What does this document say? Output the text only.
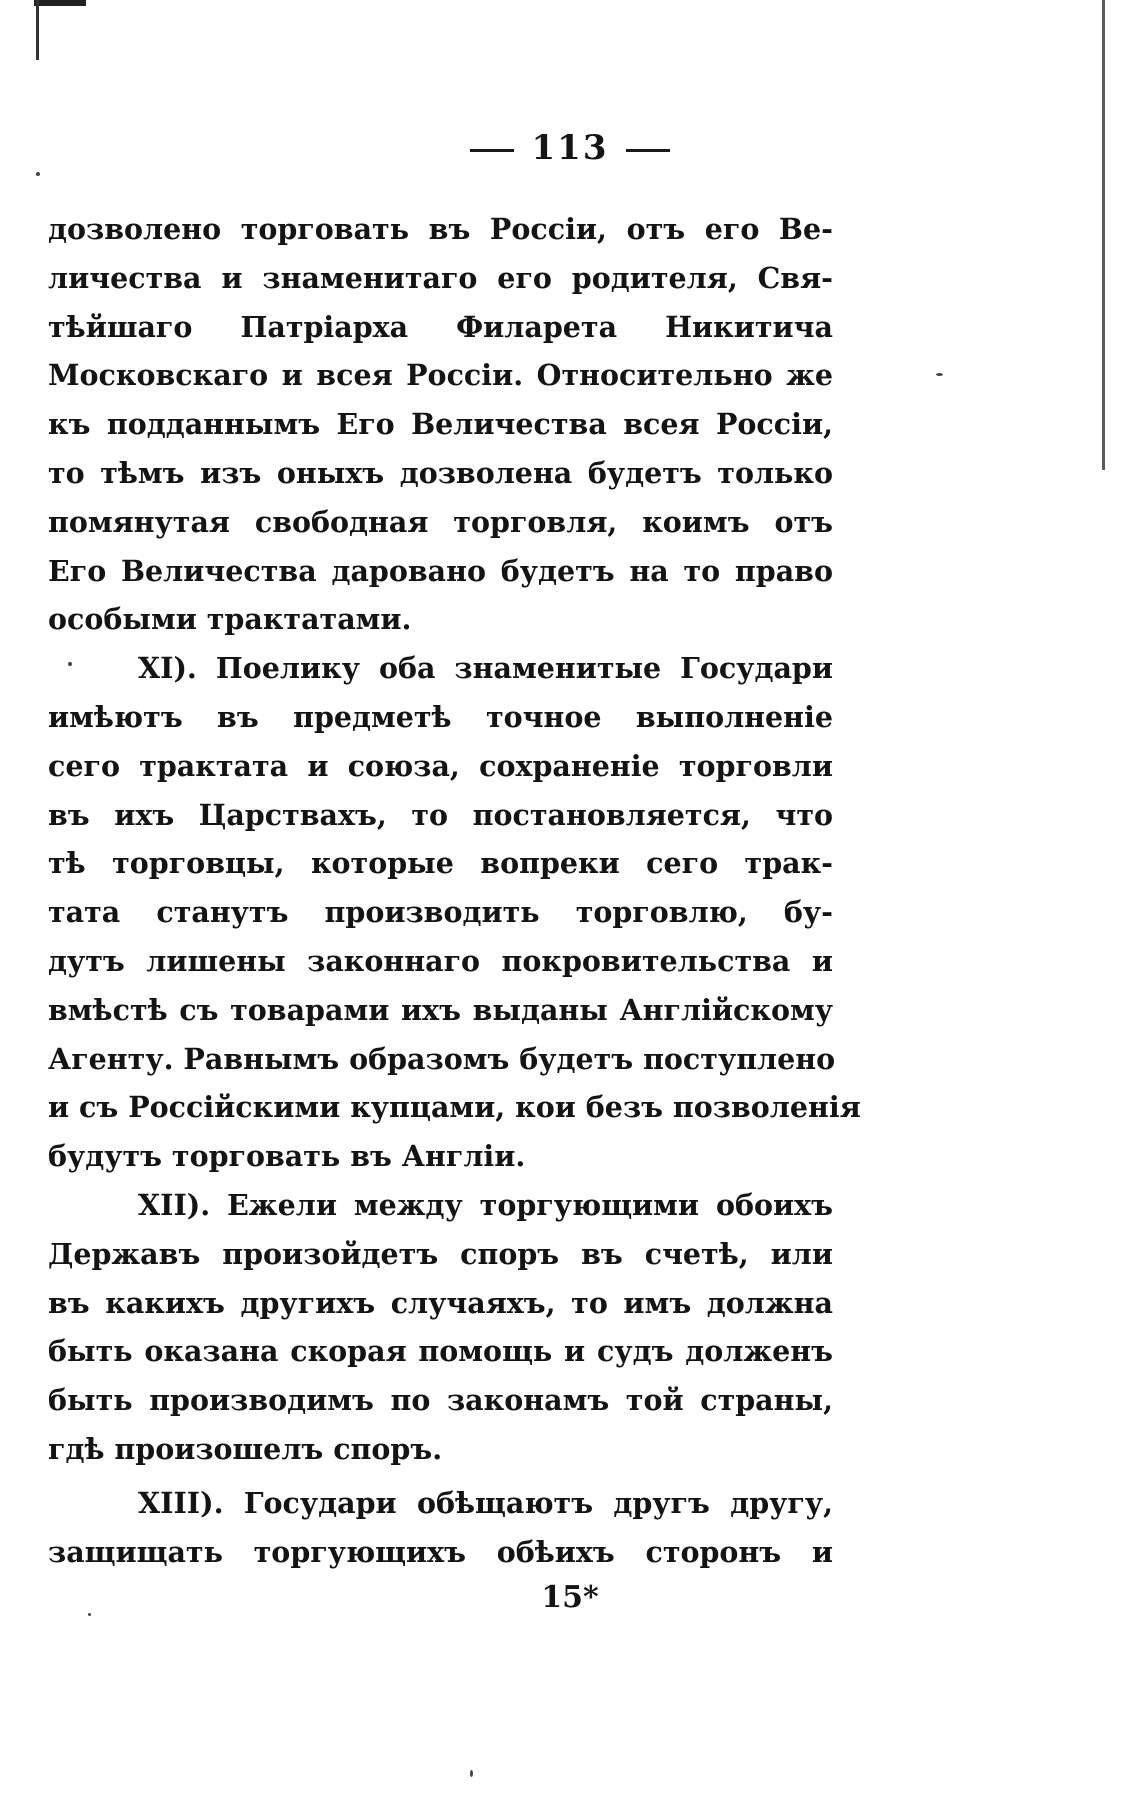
113
дозволено торговать въ Россіи, отъ его Ве-
личества и знаменитаго его родителя, Свя-
тѣйшаго Патріарха Филарета Никитича
Московскаго и всея Россіи. Относительно же
къ подданнымъ Его Величества всея Россіи,
то тѣмъ изъ оныхъ дозволена будетъ только
помянутая свободная торговля, коимъ отъ
Его Величества даровано будетъ на то право
особыми трактатами.
XI). Поелику оба знаменитые Государи
имѣютъ въ предметѣ точное выполненіе
сего трактата и союза, сохраненіе торговли
въ ихъ Царствахъ, то постановляется, что
тѣ торговцы, которые вопреки сего трак-
тата станутъ производить торговлю, бу-
дутъ лишены законнаго покровительства и
вмѣстѣ съ товарами ихъ выданы Англійскому
Агенту. Равнымъ образомъ будетъ поступлено
и съ Россійскими купцами, кои безъ позволенія
будутъ торговать въ Англіи.
XII). Ежели между торгующими обоихъ
Державъ произойдетъ споръ въ счетѣ, или
въ какихъ другихъ случаяхъ, то имъ должна
быть оказана скорая помощь и судъ долженъ
быть производимъ по законамъ той страны,
гдѣ произошелъ споръ.
XIII). Государи обѣщаютъ другъ другу,
защищать торгующихъ обѣихъ сторонъ и
15*
